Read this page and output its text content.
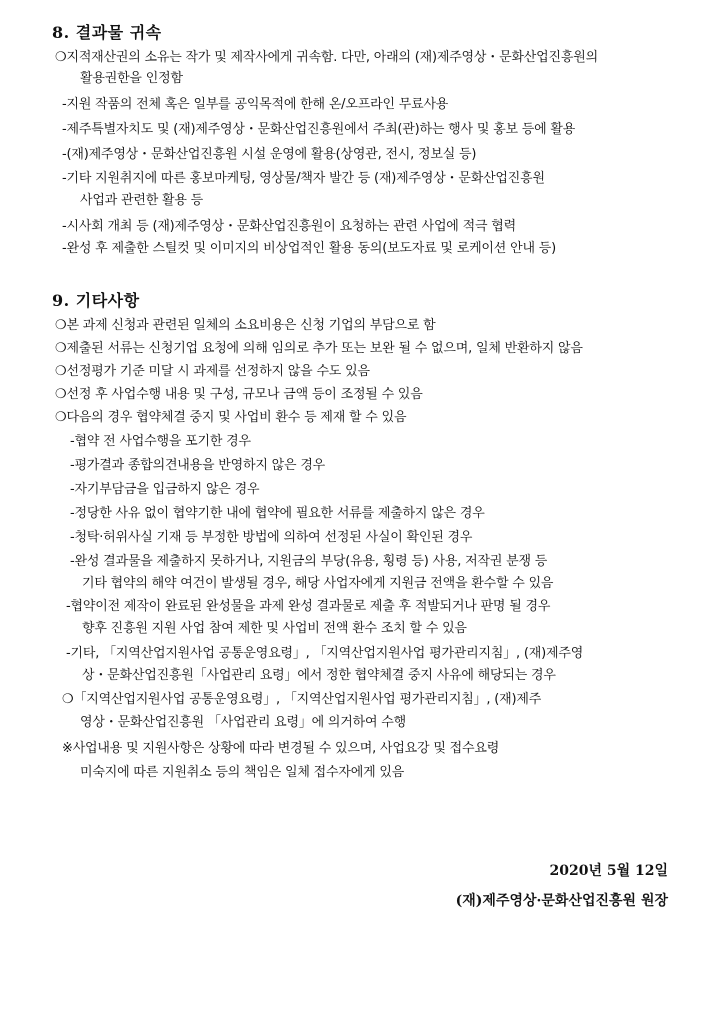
8. 결과물 귀속
❍지적재산권의 소유는 작가 및 제작사에게 귀속함. 다만, 아래의 (재)제주영상・문화산업진흥원의
활용권한을 인정함
-지원 작품의 전체 혹은 일부를 공익목적에 한해 온/오프라인 무료사용
-제주특별자치도 및 (재)제주영상・문화산업진흥원에서 주최(관)하는 행사 및 홍보 등에 활용
-(재)제주영상・문화산업진흥원 시설 운영에 활용(상영관, 전시, 정보실 등)
-기타 지원취지에 따른 홍보마케팅, 영상물/책자 발간 등 (재)제주영상・문화산업진흥원
사업과 관련한 활용 등
-시사회 개최 등 (재)제주영상・문화산업진흥원이 요청하는 관련 사업에 적극 협력
-완성 후 제출한 스틸컷 및 이미지의 비상업적인 활용 동의(보도자료 및 로케이션 안내 등)
9. 기타사항
❍본 과제 신청과 관련된 일체의 소요비용은 신청 기업의 부담으로 함
❍제출된 서류는 신청기업 요청에 의해 임의로 추가 또는 보완 될 수 없으며, 일체 반환하지 않음
❍선정평가 기준 미달 시 과제를 선정하지 않을 수도 있음
❍선정 후 사업수행 내용 및 구성, 규모나 금액 등이 조정될 수 있음
❍다음의 경우 협약체결 중지 및 사업비 환수 등 제재 할 수 있음
-협약 전 사업수행을 포기한 경우
-평가결과 종합의견내용을 반영하지 않은 경우
-자기부담금을 입금하지 않은 경우
-정당한 사유 없이 협약기한 내에 협약에 필요한 서류를 제출하지 않은 경우
-청탁·허위사실 기재 등 부정한 방법에 의하여 선정된 사실이 확인된 경우
-완성 결과물을 제출하지 못하거나, 지원금의 부당(유용, 횡령 등) 사용, 저작권 분쟁 등
기타 협약의 해약 여건이 발생될 경우, 해당 사업자에게 지원금 전액을 환수할 수 있음
-협약이전 제작이 완료된 완성물을 과제 완성 결과물로 제출 후 적발되거나 판명 될 경우
향후 진흥원 지원 사업 참여 제한 및 사업비 전액 환수 조치 할 수 있음
-기타, 「지역산업지원사업 공통운영요령」, 「지역산업지원사업 평가관리지침」, (재)제주영
상・문화산업진흥원「사업관리 요령」에서 정한 협약체결 중지 사유에 해당되는 경우
❍「지역산업지원사업 공통운영요령」, 「지역산업지원사업 평가관리지침」, (재)제주
영상・문화산업진흥원 「사업관리 요령」에 의거하여 수행
※사업내용 및 지원사항은 상황에 따라 변경될 수 있으며, 사업요강 및 접수요령
미숙지에 따른 지원취소 등의 책임은 일체 접수자에게 있음
2020년 5월 12일
(재)제주영상·문화산업진흥원 원장
